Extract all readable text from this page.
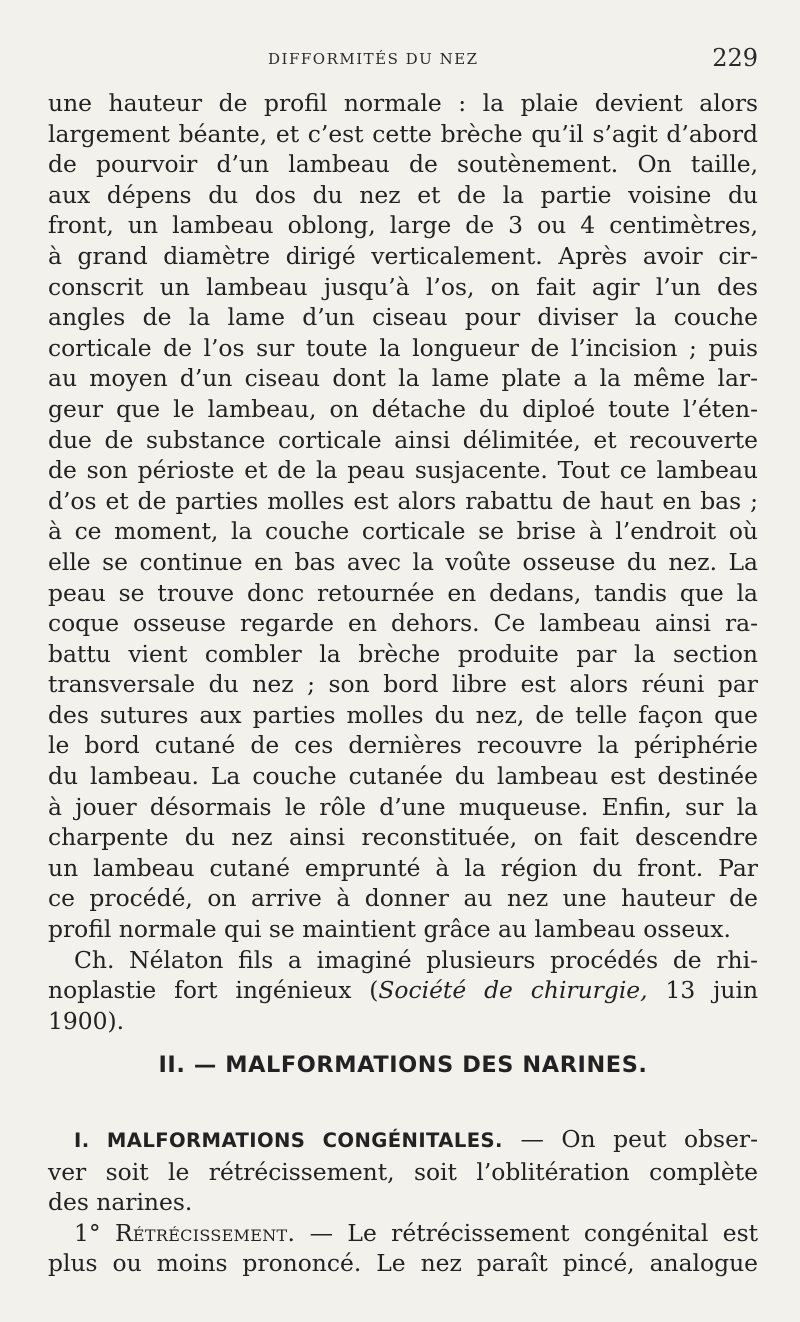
DIFFORMITÉS DU NEZ	229

une hauteur de profil normale : la plaie devient alors
largement béante, et c’est cette brèche qu’il s’agit d’abord
de pourvoir d’un lambeau de soutènement. On taille,
aux dépens du dos du nez et de la partie voisine du
front, un lambeau oblong, large de 3 ou 4 centimètres,
à grand diamètre dirigé verticalement. Après avoir cir-
conscrit un lambeau jusqu’à l’os, on fait agir l’un des
angles de la lame d’un ciseau pour diviser la couche
corticale de l’os sur toute la longueur de l’incision ; puis
au moyen d’un ciseau dont la lame plate a la même lar-
geur que le lambeau, on détache du diploé toute l’éten-
due de substance corticale ainsi délimitée, et recouverte
de son périoste et de la peau susjacente. Tout ce lambeau
d’os et de parties molles est alors rabattu de haut en bas ;
à ce moment, la couche corticale se brise à l’endroit où
elle se continue en bas avec la voûte osseuse du nez. La
peau se trouve donc retournée en dedans, tandis que la
coque osseuse regarde en dehors. Ce lambeau ainsi ra-
battu vient combler la brèche produite par la section
transversale du nez ; son bord libre est alors réuni par
des sutures aux parties molles du nez, de telle façon que
le bord cutané de ces dernières recouvre la périphérie
du lambeau. La couche cutanée du lambeau est destinée
à jouer désormais le rôle d’une muqueuse. Enfin, sur la
charpente du nez ainsi reconstituée, on fait descendre
un lambeau cutané emprunté à la région du front. Par
ce procédé, on arrive à donner au nez une hauteur de
profil normale qui se maintient grâce au lambeau osseux.

Ch. Nélaton fils a imaginé plusieurs procédés de rhi-
noplastie fort ingénieux (Société de chirurgie, 13 juin
1900).

II. — MALFORMATIONS DES NARINES.
I. MALFORMATIONS CONGÉNITALES. — On peut obser-
ver soit le rétrécissement, soit l’oblitération complète
des narines.
1° Rétrécissement. — Le rétrécissement congénital est
plus ou moins prononcé. Le nez paraît pincé, analogue
